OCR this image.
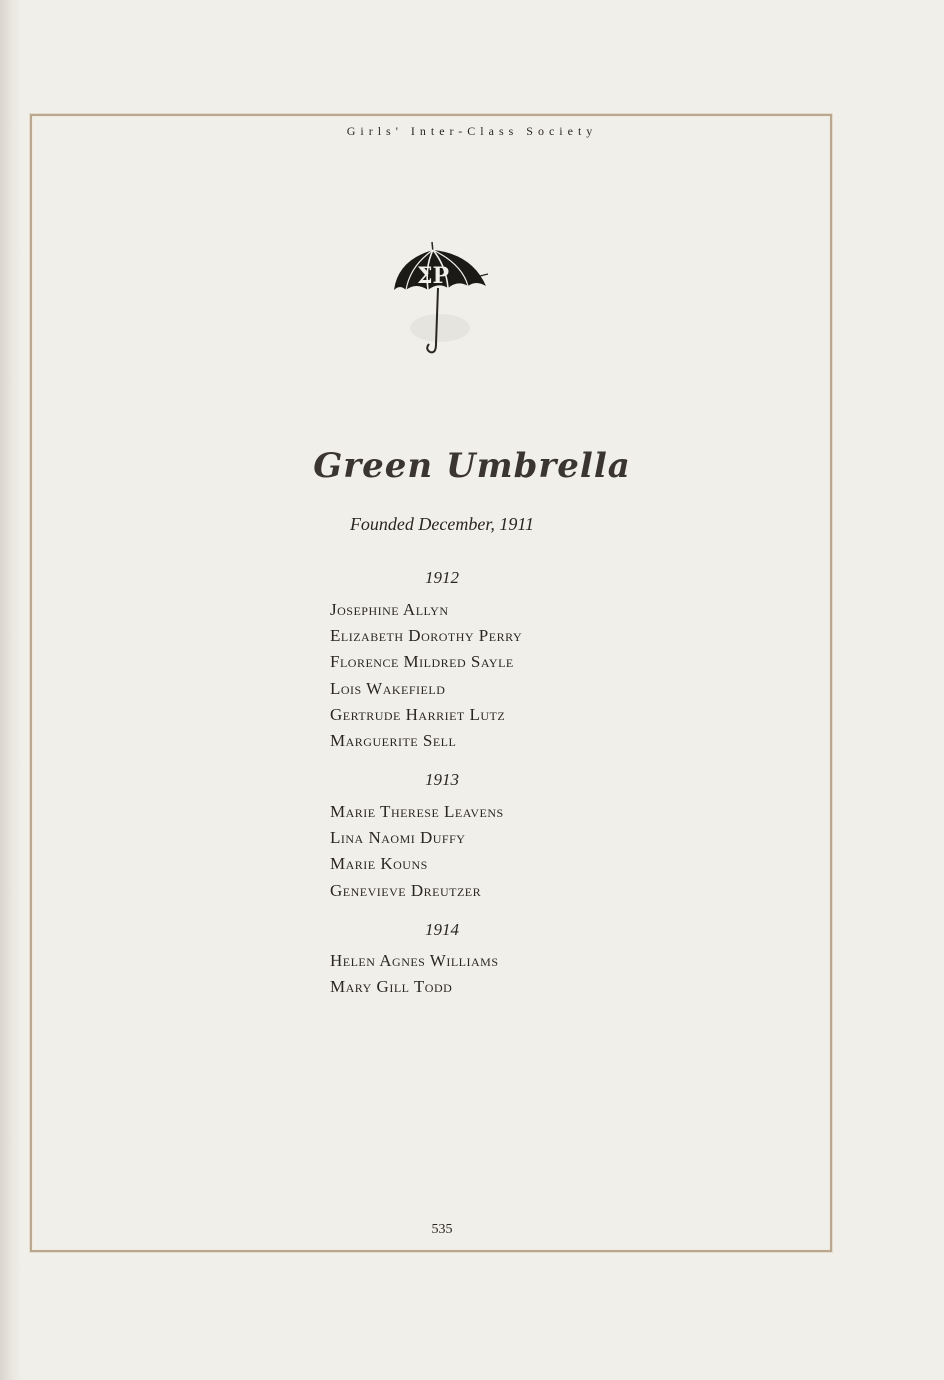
Girls' Inter-Class Society
ΣP
Green Umbrella
Founded December, 1911
1912
Josephine Allyn
Elizabeth Dorothy Perry
Florence Mildred Sayle
Lois Wakefield
Gertrude Harriet Lutz
Marguerite Sell
1913
Marie Therese Leavens
Lina Naomi Duffy
Marie Kouns
Genevieve Dreutzer
1914
Helen Agnes Williams
Mary Gill Todd
535
